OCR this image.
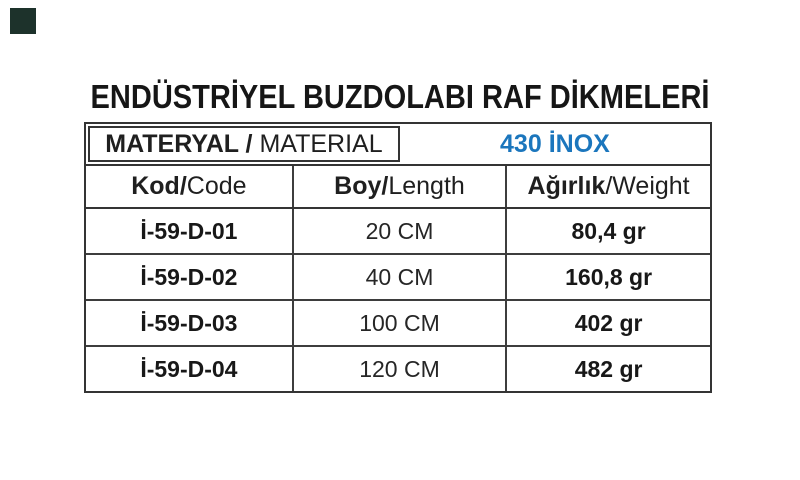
ENDÜSTRİYEL BUZDOLABI RAF DİKMELERİ
MATERYAL / MATERIAL	430 İNOX
Kod/ Code	Boy/ Length	Ağırlık /Weight
İ-59-D-01	20 CM	80,4 gr
İ-59-D-02	40 CM	160,8 gr
İ-59-D-03	100 CM	402 gr
İ-59-D-04	120 CM	482 gr
